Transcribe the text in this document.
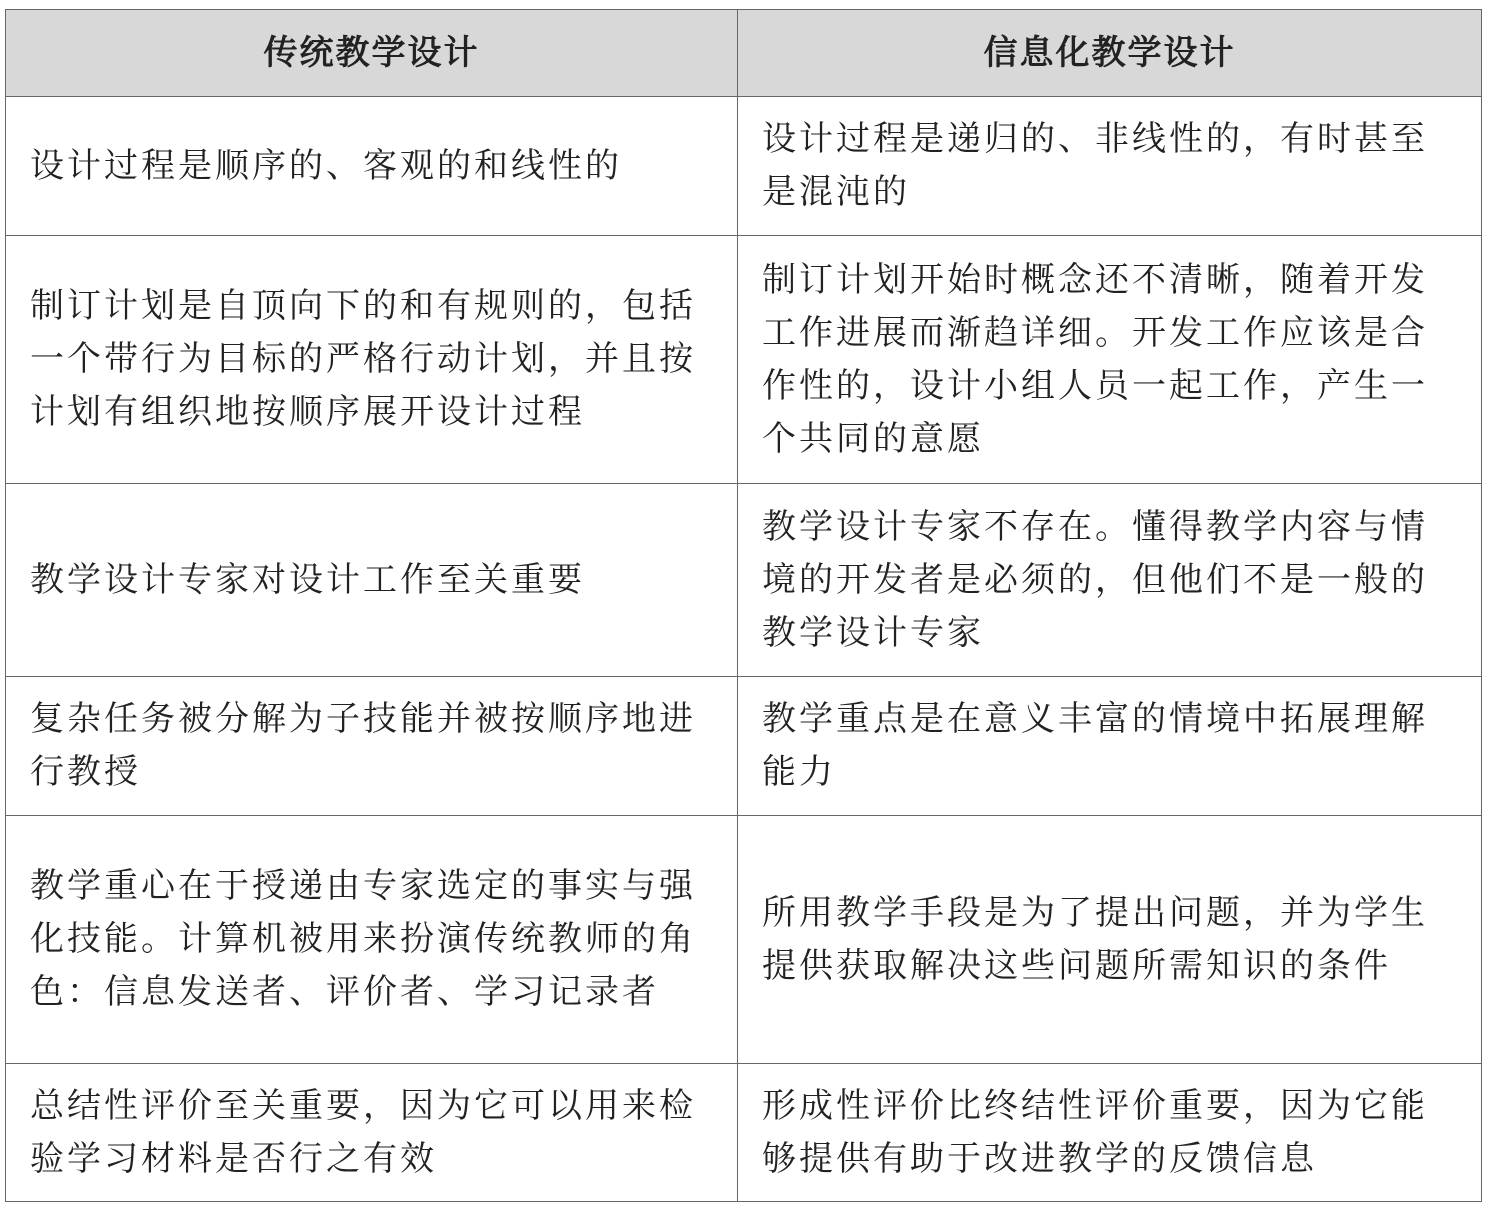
传统教学设计	信息化教学设计
设计过程是顺序的、客观的和线性的	设计过程是递归的、非线性的，有时甚至是混沌的
制订计划是自顶向下的和有规则的，包括一个带行为目标的严格行动计划，并且按计划有组织地按顺序展开设计过程	制订计划开始时概念还不清晰，随着开发工作进展而渐趋详细。开发工作应该是合作性的，设计小组人员一起工作，产生一个共同的意愿
教学设计专家对设计工作至关重要	教学设计专家不存在。懂得教学内容与情境的开发者是必须的，但他们不是一般的教学设计专家
复杂任务被分解为子技能并被按顺序地进行教授	教学重点是在意义丰富的情境中拓展理解能力
教学重心在于授递由专家选定的事实与强化技能。计算机被用来扮演传统教师的角色：信息发送者、评价者、学习记录者	所用教学手段是为了提出问题，并为学生提供获取解决这些问题所需知识的条件
总结性评价至关重要，因为它可以用来检验学习材料是否行之有效	形成性评价比终结性评价重要，因为它能够提供有助于改进教学的反馈信息
